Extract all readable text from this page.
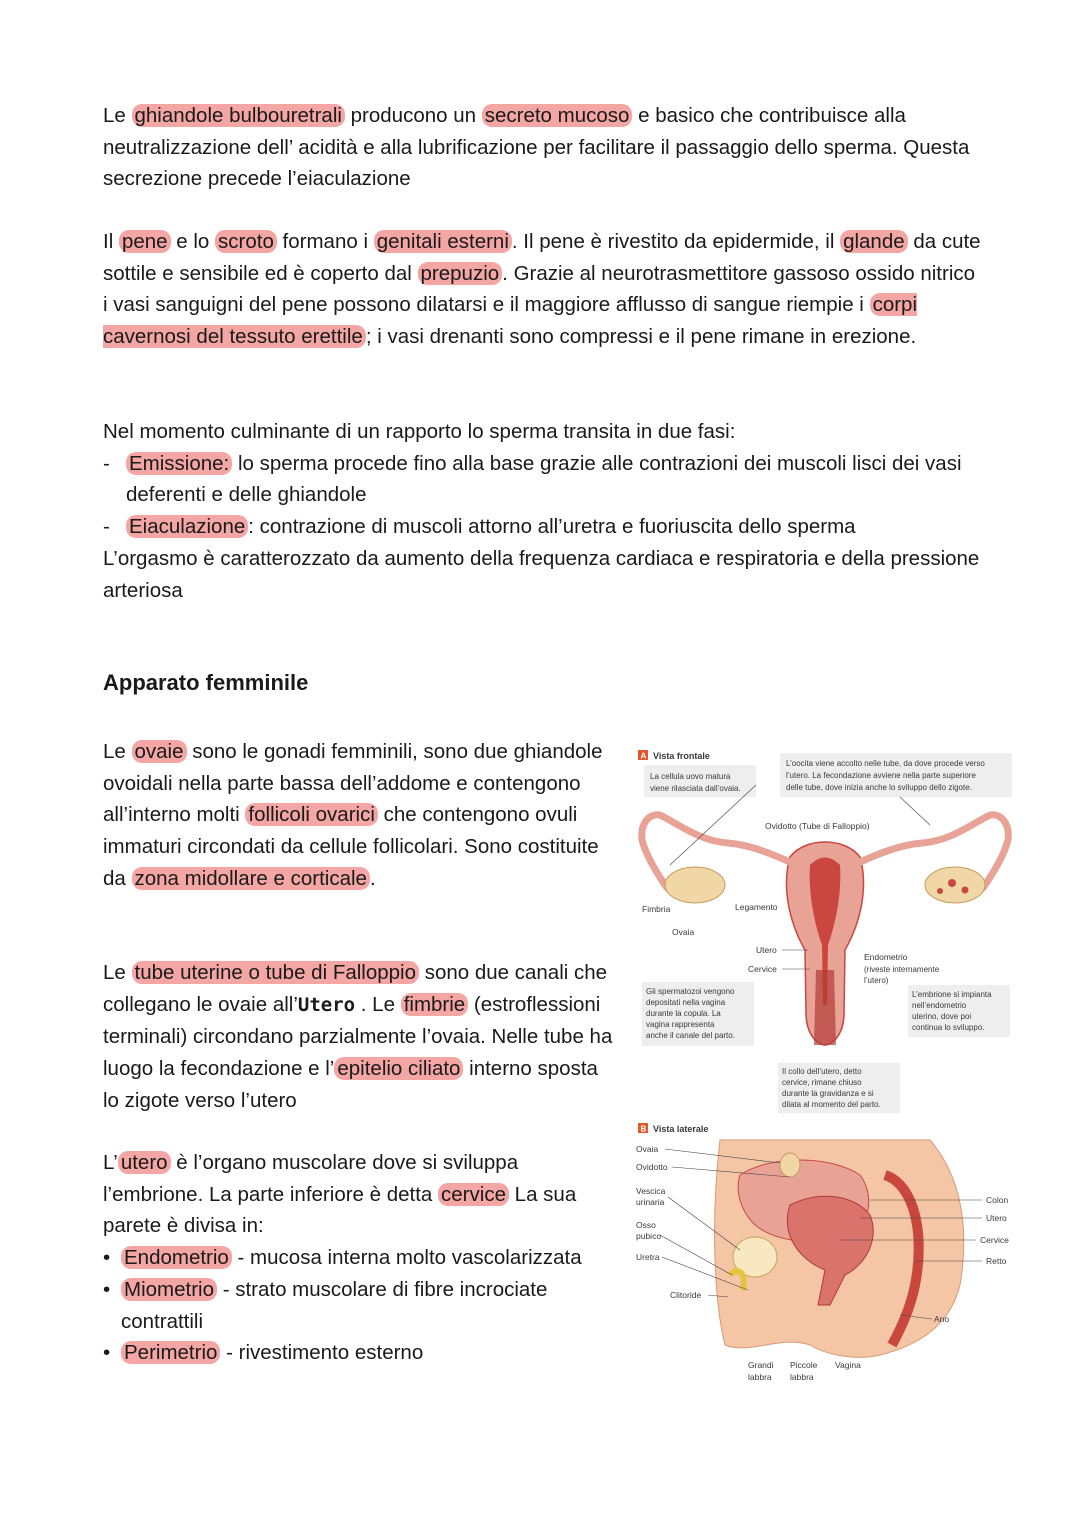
Le ghiandole bulbouretrali producono un secreto mucoso e basico che contribuisce alla neutralizzazione dell’ acidità e alla lubrificazione per facilitare il passaggio dello sperma. Questa secrezione precede l’eiaculazione

Il pene e lo scroto formano i genitali esterni . Il pene è rivestito da epidermide, il glande da cute sottile e sensibile ed è coperto dal prepuzio . Grazie al neurotrasmettitore gassoso ossido nitrico i vasi sanguigni del pene possono dilatarsi e il maggiore afflusso di sangue riempie i corpi cavernosi del tessuto erettile ; i vasi drenanti sono compressi e il pene rimane in erezione.

Nel momento culminante di un rapporto lo sperma transita in due fasi:
- Emissione: lo sperma procede fino alla base grazie alle contrazioni dei muscoli lisci dei vasi deferenti e delle ghiandole
- Eiaculazione : contrazione di muscoli attorno all’uretra e fuoriuscita dello sperma
L’orgasmo è caratterozzato da aumento della frequenza cardiaca e respiratoria e della pressione arteriosa
Apparato femminile

Le ovaie sono le gonadi femminili, sono due ghiandole ovoidali nella parte bassa dell’addome e contengono all’interno molti follicoli ovarici che contengono ovuli immaturi circondati da cellule follicolari. Sono costituite da zona midollare e corticale .

Le tube uterine o tube di Falloppio sono due canali che collegano le ovaie all’Utero . Le fimbrie (estroflessioni terminali) circondano parzialmente l’ovaia. Nelle tube ha luogo la fecondazione e l’ epitelio ciliato interno sposta lo zigote verso l’utero

L’ utero è l’organo muscolare dove si sviluppa l’embrione. La parte inferiore è detta cervice La sua parete è divisa in:
• Endometrio - mucosa interna molto vascolarizzata
• Miometrio - strato muscolare di fibre incrociate contrattili
• Perimetrio - rivestimento esterno
A Vista frontale
La cellula uovo matura
viene rilasciata dall’ovaia.
L’oocita viene accolto nelle tube, da dove procede verso
l’utero. La fecondazione avviene nella parte superiore
delle tube, dove inizia anche lo sviluppo dello zigote.
Ovidotto (Tube di Falloppio)
Fimbria
Ovaia
Legamento
Utero
Cervice
Endometrio
(riveste internamente
l’utero)
Gli spermatozoi vengono
depositati nella vagina
durante la copula. La
vagina rappresenta
anche il canale del parto.
L’embrione si impianta
nell’endometrio
uterino, dove poi
continua lo sviluppo.
Il collo dell’utero, detto
cervice, rimane chiuso
durante la gravidanza e si
dilata al momento del parto.
B Vista laterale
Ovaia
Ovidotto
Vescica
urinaria
Osso
pubico
Uretra
Clitoride
Colon
Utero
Cervice
Retto
Ano
Grandi
labbra
Piccole
labbra
Vagina
